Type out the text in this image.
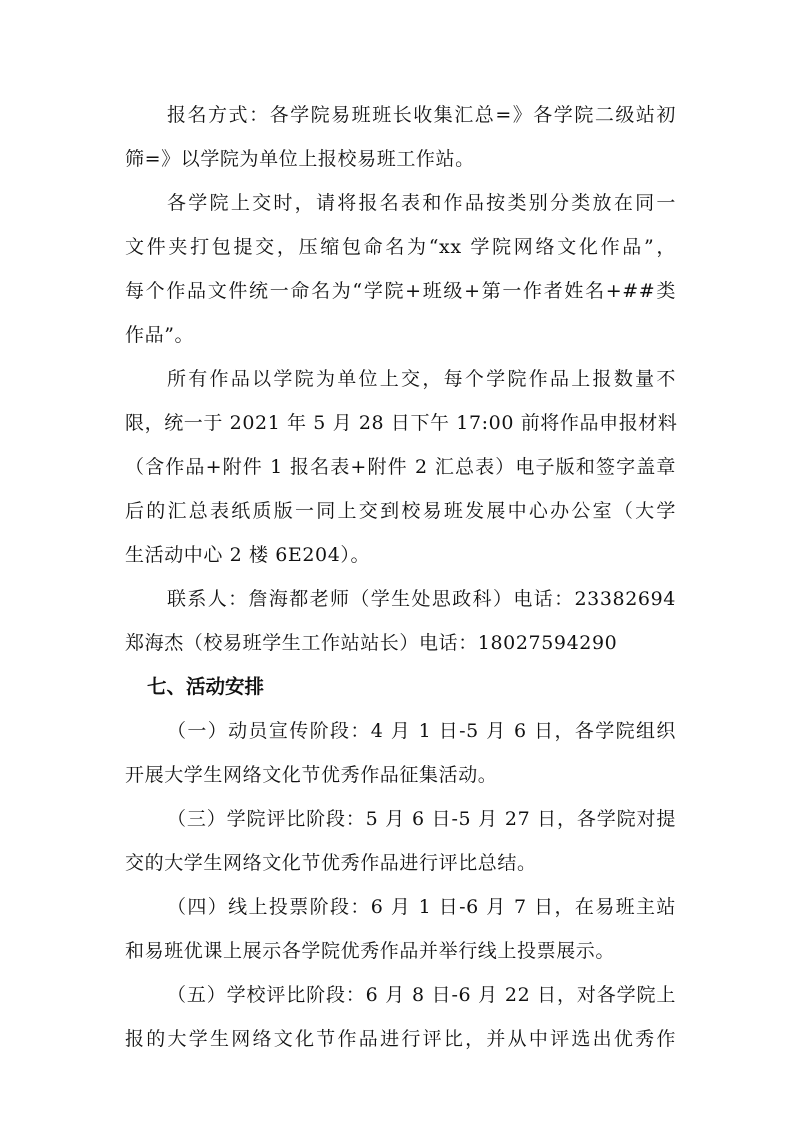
报名方式：各学院易班班长收集汇总=》各学院二级站初
筛=》以学院为单位上报校易班工作站。
各学院上交时，请将报名表和作品按类别分类放在同一
文件夹打包提交，压缩包命名为“xx 学院网络文化作品”，
每个作品文件统一命名为“学院+班级+第一作者姓名+##类
作品”。
所有作品以学院为单位上交，每个学院作品上报数量不
限，统一于 2021 年 5 月 28 日下午 17:00 前将作品申报材料
（含作品+附件 1 报名表+附件 2 汇总表）电子版和签字盖章
后的汇总表纸质版一同上交到校易班发展中心办公室（大学
生活动中心 2 楼 6E204）。
联系人：詹海都老师（学生处思政科）电话：23382694
郑海杰（校易班学生工作站站长）电话：18027594290
七、活动安排
（一）动员宣传阶段：4 月 1 日-5 月 6 日，各学院组织
开展大学生网络文化节优秀作品征集活动。
（三）学院评比阶段：5 月 6 日-5 月 27 日，各学院对提
交的大学生网络文化节优秀作品进行评比总结。
（四）线上投票阶段：6 月 1 日-6 月 7 日，在易班主站
和易班优课上展示各学院优秀作品并举行线上投票展示。
（五）学校评比阶段：6 月 8 日-6 月 22 日，对各学院上
报的大学生网络文化节作品进行评比，并从中评选出优秀作
